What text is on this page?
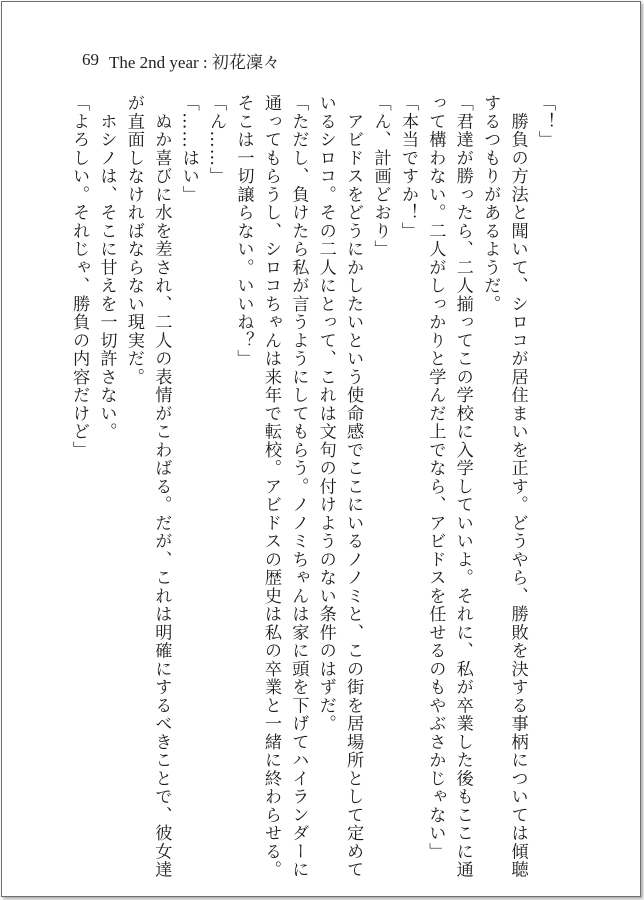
69 The 2nd year : 初花凜々

「！」

　勝負の方法と聞いて、シロコが居住まいを正す。どうやら、勝敗を決する事柄については傾聴

するつもりがあるようだ。

「君達が勝ったら、二人揃ってこの学校に入学していいよ。それに、私が卒業した後もここに通

って構わない。二人がしっかりと学んだ上でなら、アビドスを任せるのもやぶさかじゃない」

「本当ですか！」

「ん、計画どおり」

　アビドスをどうにかしたいという使命感でここにいるノノミと、この街を居場所として定めて

いるシロコ。その二人にとって、これは文句の付けようのない条件のはずだ。

「ただし、負けたら私が言うようにしてもらう。ノノミちゃんは家に頭を下げてハイランダーに

通ってもらうし、シロコちゃんは来年で転校。アビドスの歴史は私の卒業と一緒に終わらせる。

そこは一切譲らない。いいね？」

「ん……」

「……はい」

　ぬか喜びに水を差され、二人の表情がこわばる。だが、これは明確にするべきことで、彼女達

が直面しなければならない現実だ。

　ホシノは、そこに甘えを一切許さない。

「よろしい。それじゃ、勝負の内容だけど」
